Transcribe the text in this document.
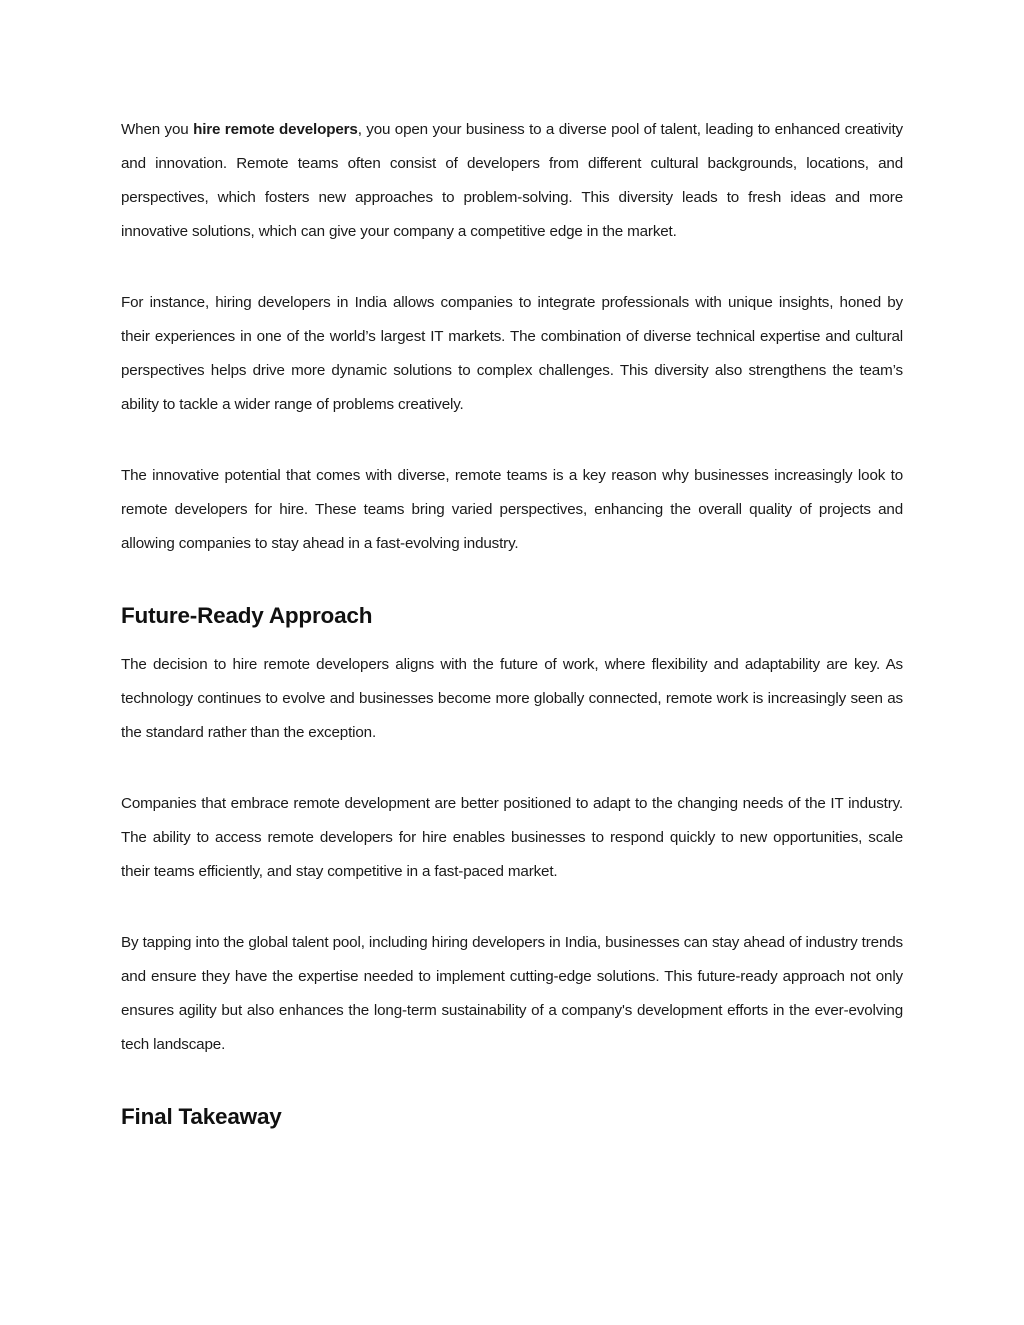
When you hire remote developers, you open your business to a diverse pool of talent, leading to enhanced creativity and innovation. Remote teams often consist of developers from different cultural backgrounds, locations, and perspectives, which fosters new approaches to problem-solving. This diversity leads to fresh ideas and more innovative solutions, which can give your company a competitive edge in the market.

For instance, hiring developers in India allows companies to integrate professionals with unique insights, honed by their experiences in one of the world’s largest IT markets. The combination of diverse technical expertise and cultural perspectives helps drive more dynamic solutions to complex challenges. This diversity also strengthens the team’s ability to tackle a wider range of problems creatively.

The innovative potential that comes with diverse, remote teams is a key reason why businesses increasingly look to remote developers for hire. These teams bring varied perspectives, enhancing the overall quality of projects and allowing companies to stay ahead in a fast-evolving industry.

Future-Ready Approach

The decision to hire remote developers aligns with the future of work, where flexibility and adaptability are key. As technology continues to evolve and businesses become more globally connected, remote work is increasingly seen as the standard rather than the exception.

Companies that embrace remote development are better positioned to adapt to the changing needs of the IT industry. The ability to access remote developers for hire enables businesses to respond quickly to new opportunities, scale their teams efficiently, and stay competitive in a fast-paced market.

By tapping into the global talent pool, including hiring developers in India, businesses can stay ahead of industry trends and ensure they have the expertise needed to implement cutting-edge solutions. This future-ready approach not only ensures agility but also enhances the long-term sustainability of a company's development efforts in the ever-evolving tech landscape.

Final Takeaway
